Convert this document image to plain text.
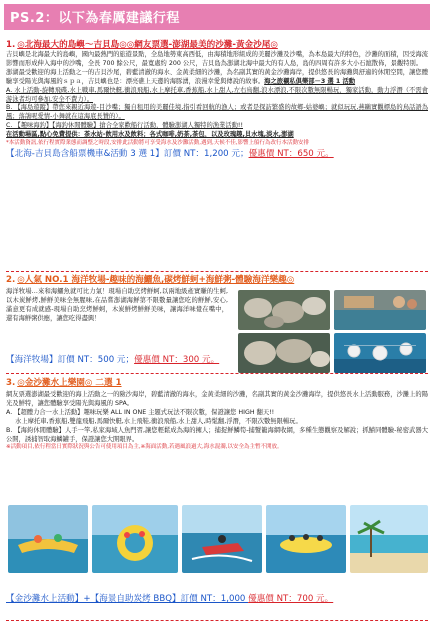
PS.2：以下為春厲建議行程
1. ◎北海最大的島嶼～吉貝島◎◎網友票選-澎湖最美的沙灘-黃金沙尾◎
吉貝嶼是北海最大的島嶼，國內最熱門的旅遊景點，全島地勢東高西低，由海積地形組成的美麗沙灘及沙嘴，為本島最大的特色，沙灘的面積，因受海流影響而形成伸入海中的沙嘴，全長 700 餘公尺，最寬處約 200 公尺，吉貝島為澎湖北海中最大的有人島，島的四周有許多大小石滬散佈，景觀特別。
澎湖最受歡迎的海上活動之一的吉貝沙尾，碧藍清澈的海水、金黃柔細的沙灘，為名副其實的黃金沙灘海岸，提供悠長的海灘與舒適的休閒空間，讓您體驗享受陽光與海風的ｓｐａ，吉貝嶼也是：漂亮礁上天邊的海豚湧，浪漫幸愛與傳說的故事。海之旅襯私俱樂部－3 選 1 活動
A. 水上活動-旋轉飛碟,水上戰車,馬爾快艇,衝浪飛船,水上摩托車,香蕉船,水上甜人,左右鳥翻,浪水漂浪,不限次數無限暢玩，獨家活動，動力浮潛（不需會游泳者均可參加,安全不費力）。
B. 【海島遊蹤】帶您來親近海遊-目沙嘴；獨自租用的美麗佳境,指引看回航的漁人；或者是探訪繁盛的故鄉-姑婆嶼；就似玩玩,燕鷗實觀標島的鳥話語為風；落鴿呢愛情-小舞就在這海底長贊的）。
C. 【趣味海釣】【海釣休閒體驗】搶合全家歡船行活動，體驗澎湖人獨特的漁業活動!!
在活動場區,點心免費提供：茶水站-飲用水及飲料；各式咖啡,奶茶,茶包，以及玫瑰趣,貝水塊,淡水,澎湖
*本活動資訊,依行程實際業態而調整之時段,安排此活動將可享受海水及沙灘活動,遇到,天候不佳,影響上船行為改行本活動安排
【北海-吉貝島含船票機車&活動 3 選 1】訂價 NT：1,200 元；優惠價 NT：650 元。
2. ◎人氣 NO.1 海洋牧場-趣味的海鱺魚,碳烤鮮蚵+海鮮粥-體驗海洋樂趣◎
海洋牧場…來和海鱺魚就可比力氣！現場自助烹烤鮮蚵,以兩地級產實賺的生蚵,以木炭鮮烤,鮮鮮美味全無腥味,在品嘗澎湖海鮮第不限數量讓您吃的鮮鮮,安心,滿意更有成就感-現場自助烹烤鮮蚵，木炭鮮烤鮮鮮美味，讓海洋味覺在嘴中，還有海鮮粥供應，讓您吃得盡興！
【海洋牧場】訂價 NT：500 元；優惠價 NT：300 元。
3. ◎金沙灘水上樂園◎ 二選 1
網友票選澎湖最受歡迎的海上活動之一的險沙海岸，碧藍清澈的海水，金黃柔細的沙灘，名副其實的黃金沙灘海岸，提供悠長水上活動服務，沙灘上的陽光及鮮特，讓您體驗享受陽光與海風的 SPA。
A. 【超體力合一水上活動】趣味玩樂 ALL IN ONE 主題式玩法不限次數，保證讓您 HIGH 翻天!!
水上摩托車,香蕉船,雙龍飛船,馬爾快艇,水上飛鞋,衝浪飛船,水上甜人,時髦翻,浮潛，不限次數無限暢玩。
B. 【海鈞休閒體驗】人手一竿,私家海域人魚門習,讓您輕鬆成為海的擁人；捕捉鮮鱗筍-捕蟹籠海網收網，多種生態觀察及解說；抓鱝同體驗-秘密武器大公開，誘捕智取海鱗罐手，保證讓您大開眼界。
※活動項目,依行程當日實際狀況與公告可使用項目為主,※海面活動,若遇風浪過大,海水混濁,以安全為主暫不開放。
【金沙灘水上活動】+【海景自助炭烤 BBQ】訂價 NT：1,000 優惠價 NT：700 元。
